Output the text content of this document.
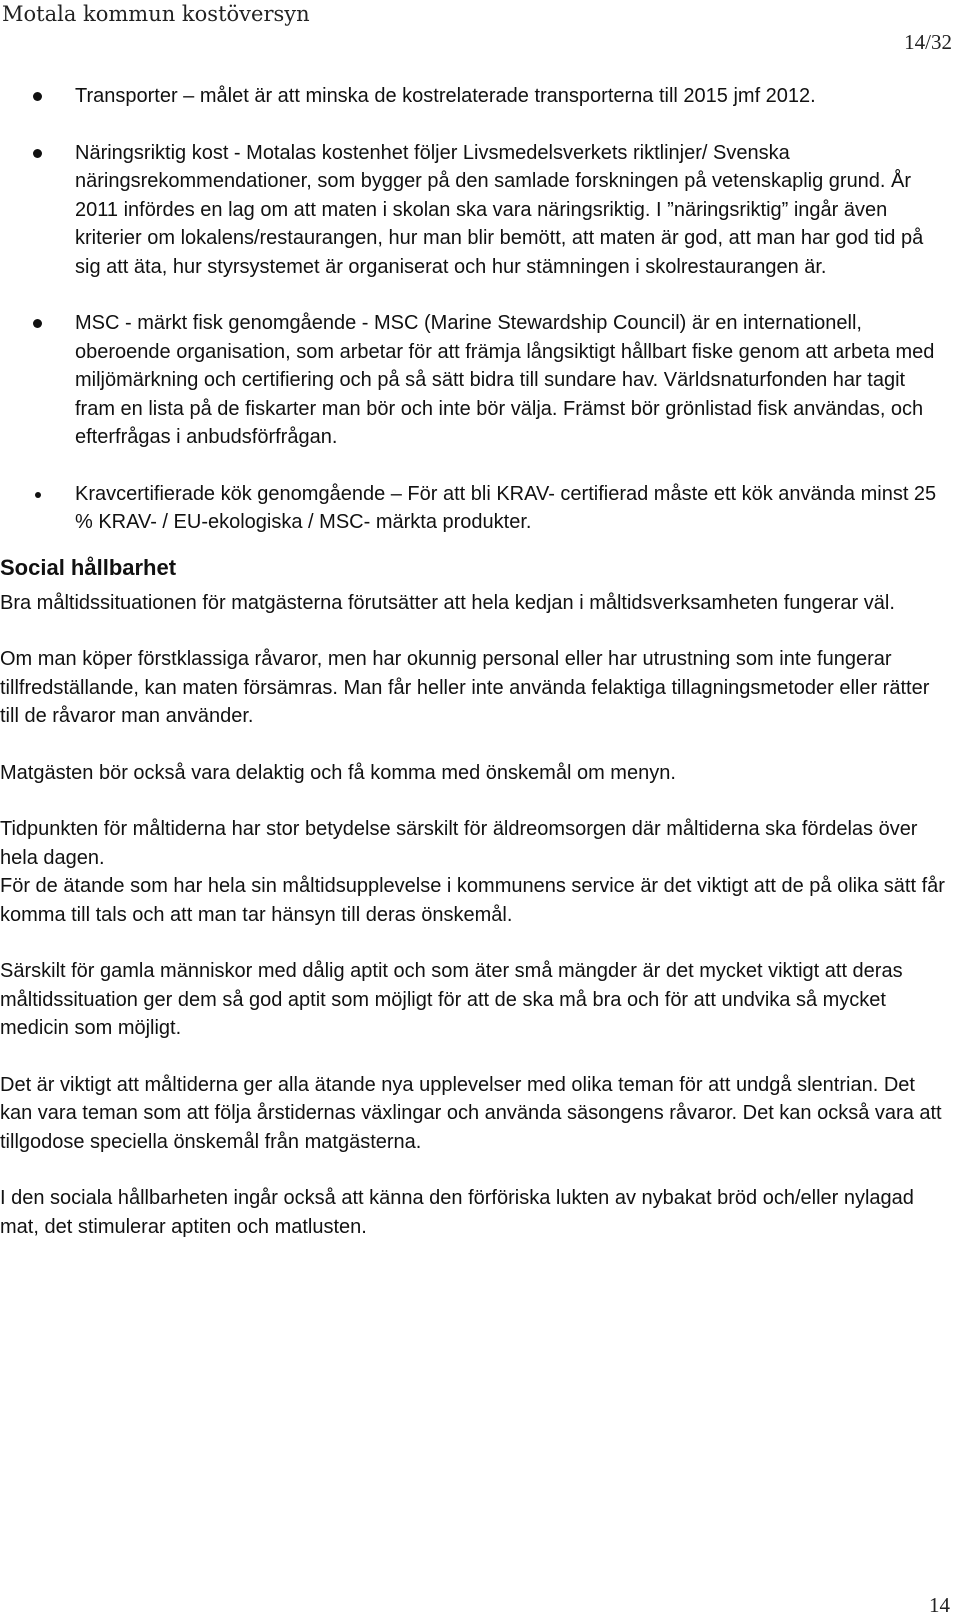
Motala kommun kostöversyn
14/32

Transporter – målet är att minska de kostrelaterade transporterna till 2015 jmf 2012.

Näringsriktig kost - Motalas kostenhet följer Livsmedelsverkets riktlinjer/ Svenska näringsrekommendationer, som bygger på den samlade forskningen på vetenskaplig grund. År 2011 infördes en lag om att maten i skolan ska vara näringsriktig. I ”näringsriktig” ingår även kriterier om lokalens/restaurangen, hur man blir bemött, att maten är god, att man har god tid på sig att äta, hur styrsystemet är organiserat och hur stämningen i skolrestaurangen är.

MSC - märkt fisk genomgående - MSC (Marine Stewardship Council) är en internationell, oberoende organisation, som arbetar för att främja långsiktigt hållbart fiske genom att arbeta med miljömärkning och certifiering och på så sätt bidra till sundare hav. Världsnaturfonden har tagit fram en lista på de fiskarter man bör och inte bör välja. Främst bör grönlistad fisk användas, och efterfrågas i anbudsförfrågan.

Kravcertifierade kök genomgående – För att bli KRAV- certifierad måste ett kök använda minst 25 % KRAV- / EU-ekologiska / MSC- märkta produkter.

Social hållbarhet

Bra måltidssituationen för matgästerna förutsätter att hela kedjan i måltidsverksamheten fungerar väl.

Om man köper förstklassiga råvaror, men har okunnig personal eller har utrustning som inte fungerar tillfredställande, kan maten försämras. Man får heller inte använda felaktiga tillagningsmetoder eller rätter till de råvaror man använder.

Matgästen bör också vara delaktig och få komma med önskemål om menyn.

Tidpunkten för måltiderna har stor betydelse särskilt för äldreomsorgen där måltiderna ska fördelas över hela dagen.

För de ätande som har hela sin måltidsupplevelse i kommunens service är det viktigt att de på olika sätt får komma till tals och att man tar hänsyn till deras önskemål.

Särskilt för gamla människor med dålig aptit och som äter små mängder är det mycket viktigt att deras måltidssituation ger dem så god aptit som möjligt för att de ska må bra och för att undvika så mycket medicin som möjligt.

Det är viktigt att måltiderna ger alla ätande nya upplevelser med olika teman för att undgå slentrian. Det kan vara teman som att följa årstidernas växlingar och använda säsongens råvaror. Det kan också vara att tillgodose speciella önskemål från matgästerna.

I den sociala hållbarheten ingår också att känna den förföriska lukten av nybakat bröd och/eller nylagad mat, det stimulerar aptiten och matlusten.

14
